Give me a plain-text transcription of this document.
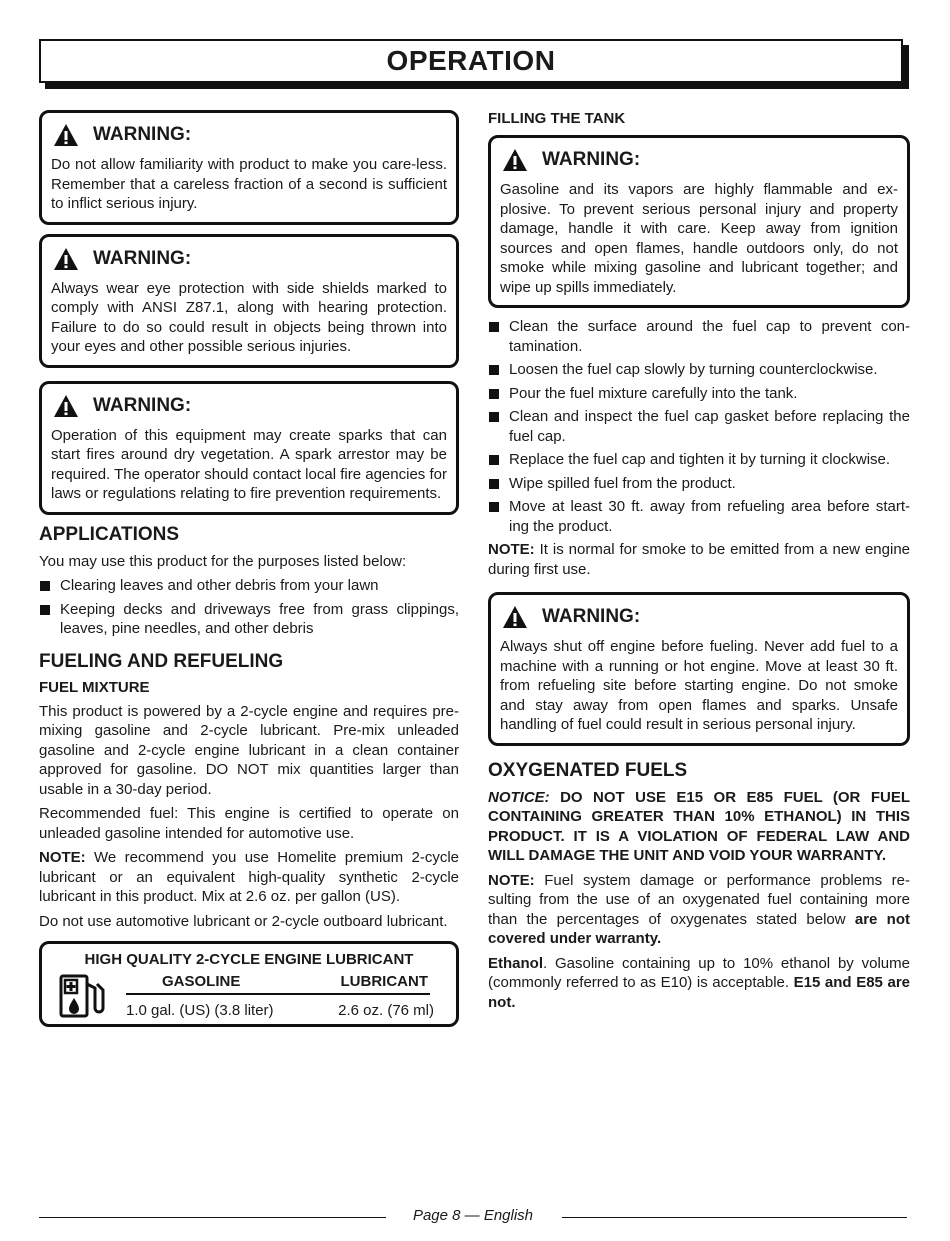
OPERATION
WARNING:
Do not allow familiarity with product to make you care-less. Remember that a careless fraction of a second is sufficient to inflict serious injury.
WARNING:
Always wear eye protection with side shields marked to comply with ANSI Z87.1, along with hearing protection. Failure to do so could result in objects being thrown into your eyes and other possible serious injuries.
WARNING:
Operation of this equipment may create sparks that can start fires around dry vegetation. A spark arrestor may be required. The operator should contact local fire agencies for laws or regulations relating to fire prevention requirements.
APPLICATIONS

You may use this product for the purposes listed below:

Clearing leaves and other debris from your lawn
Keeping decks and driveways free from grass clippings, leaves, pine needles, and other debris
FUELING AND REFUELING
FUEL MIXTURE

This product is powered by a 2-cycle engine and requires pre-mixing gasoline and 2-cycle lubricant. Pre-mix unleaded gasoline and 2-cycle engine lubricant in a clean container approved for gasoline. DO NOT mix quantities larger than usable in a 30-day period.

Recommended fuel: This engine is certified to operate on unleaded gasoline intended for automotive use.

NOTE: We recommend you use Homelite premium 2-cycle lubricant or an equivalent high-quality synthetic 2-cycle lubricant in this product. Mix at 2.6 oz. per gallon (US).

Do not use automotive lubricant or 2-cycle outboard lubricant.

HIGH QUALITY 2-CYCLE ENGINE LUBRICANT
GASOLINE	LUBRICANT
1.0 gal. (US) (3.8 liter)	2.6 oz. (76 ml)
FILLING THE TANK
WARNING:
Gasoline and its vapors are highly flammable and ex-plosive. To prevent serious personal injury and property damage, handle it with care. Keep away from ignition sources and open flames, handle outdoors only, do not smoke while mixing gasoline and lubricant together; and wipe up spills immediately.
Clean the surface around the fuel cap to prevent con-tamination.
Loosen the fuel cap slowly by turning counterclockwise.
Pour the fuel mixture carefully into the tank.
Clean and inspect the fuel cap gasket before replacing the fuel cap.
Replace the fuel cap and tighten it by turning it clockwise.
Wipe spilled fuel from the product.
Move at least 30 ft. away from refueling area before start-ing the product.

NOTE: It is normal for smoke to be emitted from a new engine during first use.

WARNING:
Always shut off engine before fueling. Never add fuel to a machine with a running or hot engine. Move at least 30 ft. from refueling site before starting engine. Do not smoke and stay away from open flames and sparks. Unsafe handling of fuel could result in serious personal injury.
OXYGENATED FUELS

NOTICE: DO NOT USE E15 OR E85 FUEL (OR FUEL CONTAINING GREATER THAN 10% ETHANOL) IN THIS PRODUCT. IT IS A VIOLATION OF FEDERAL LAW AND WILL DAMAGE THE UNIT AND VOID YOUR WARRANTY.

NOTE: Fuel system damage or performance problems re-sulting from the use of an oxygenated fuel containing more than the percentages of oxygenates stated below are not covered under warranty.

Ethanol. Gasoline containing up to 10% ethanol by volume (commonly referred to as E10) is acceptable. E15 and E85 are not.

Page 8 — English
